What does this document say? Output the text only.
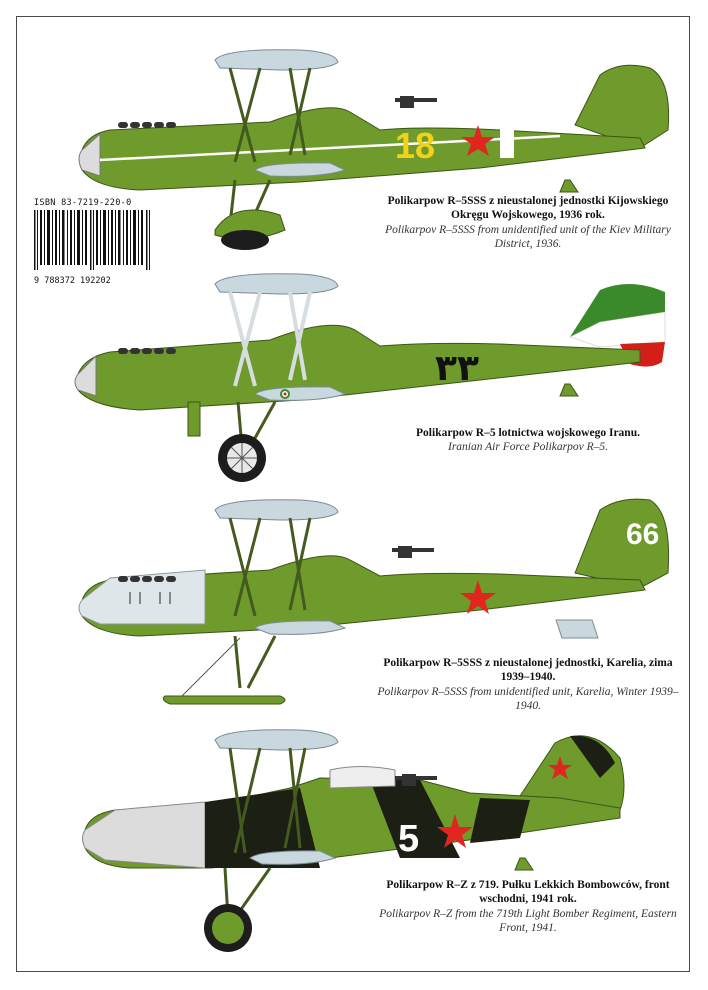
18
ISBN 83-7219-220-0
9 788372 192202
Polikarpow R–5SSS z nieustalonej jednostki Kijowskiego Okręgu Wojskowego, 1936 rok.
Polikarpov R–5SSS from unidentified unit of the Kiev Military District, 1936.
٣٣
Polikarpow R–5 lotnictwa wojskowego Iranu.
Iranian Air Force Polikarpov R–5.
66
Polikarpow R–5SSS z nieustalonej jednostki, Karelia, zima 1939–1940.
Polikarpov R–5SSS from unidentified unit, Karelia, Winter 1939–1940.
5
Polikarpow R–Z z 719. Pułku Lekkich Bombowców, front wschodni, 1941 rok.
Polikarpov R–Z from the 719th Light Bomber Regiment, Eastern Front, 1941.
